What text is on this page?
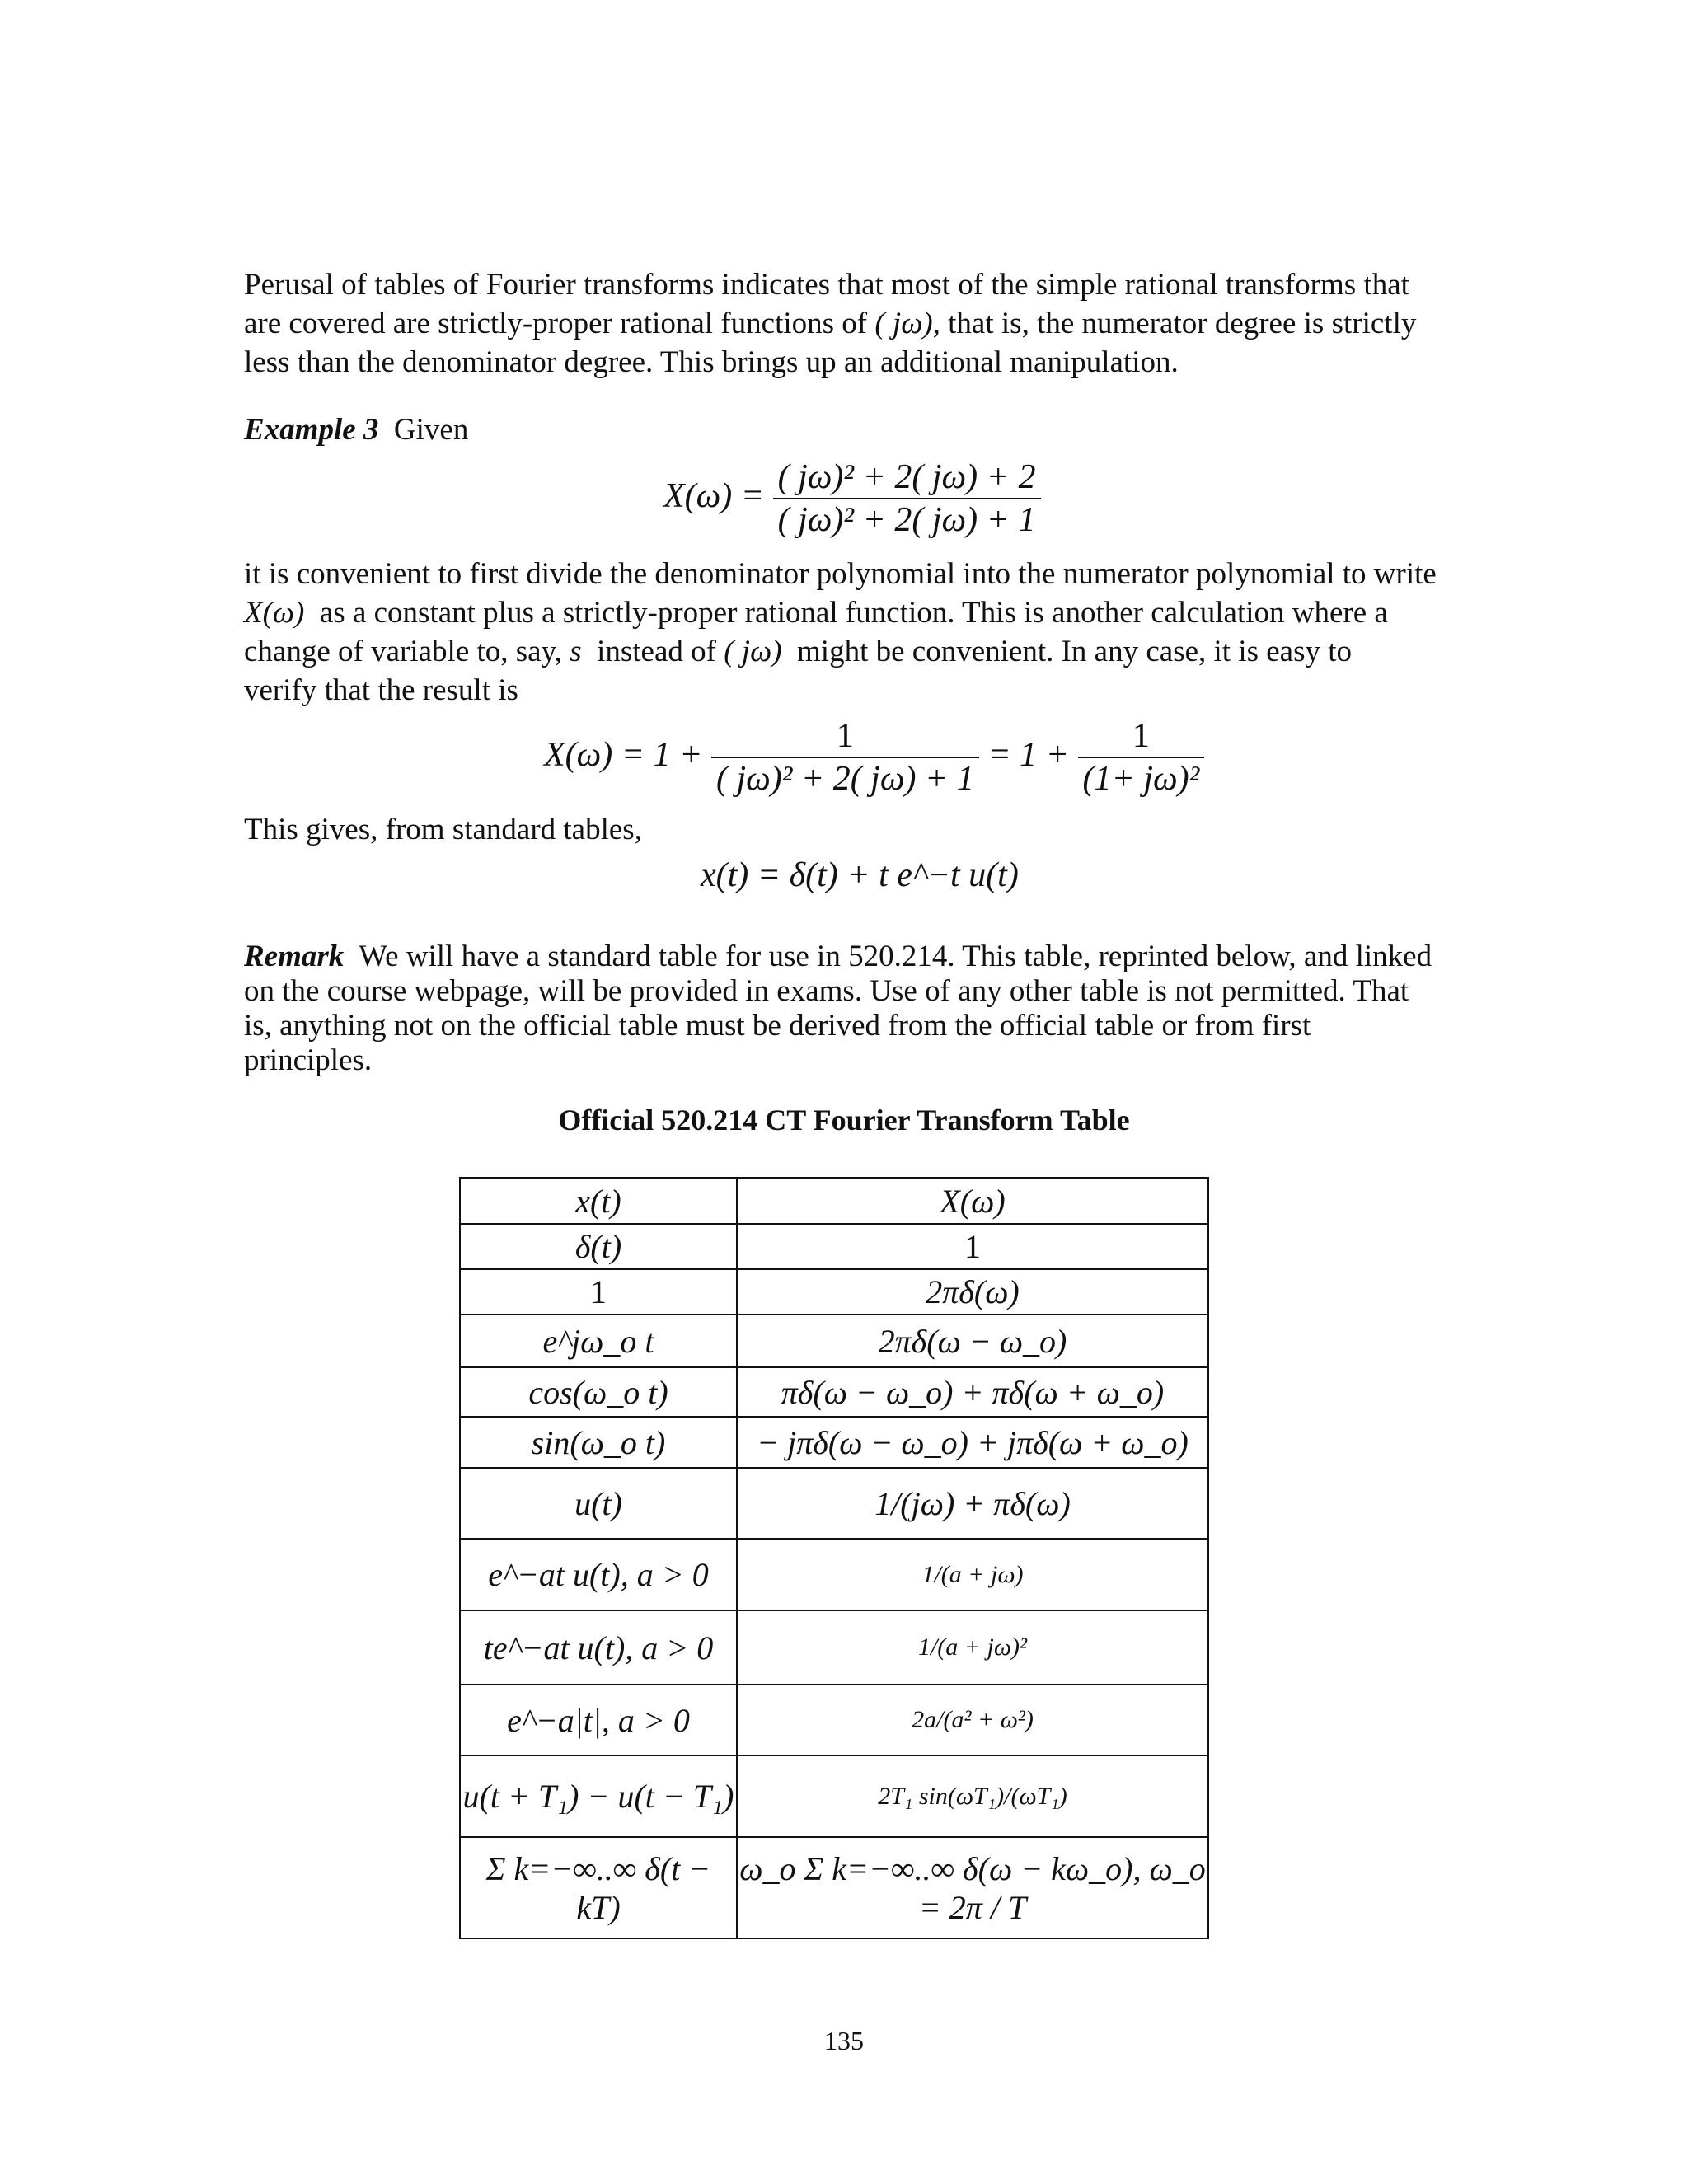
Perusal of tables of Fourier transforms indicates that most of the simple rational transforms that
are covered are strictly-proper rational functions of ( jω), that is, the numerator degree is strictly
less than the denominator degree. This brings up an additional manipulation.
Example 3 Given
$X(\omega) = \frac{\text{( jω)² + 2( jω) + 2}}{\text{( jω)² + 2( jω) + 1}}$
it is convenient to first divide the denominator polynomial into the numerator polynomial to write
X(ω) as a constant plus a strictly-proper rational function. This is another calculation where a
change of variable to, say, s instead of ( jω) might be convenient. In any case, it is easy to
verify that the result is
$X(\omega) = 1 + \frac{1}{\text{( jω)² + 2( jω) + 1}} = 1 + \frac{1}{\text{(1+ jω)²}}$
This gives, from standard tables,
x(t) = δ(t) + t e^−t u(t)
Remark We will have a standard table for use in 520.214. This table, reprinted below, and linked
on the course webpage, will be provided in exams. Use of any other table is not permitted. That
is, anything not on the official table must be derived from the official table or from first
principles.
Official 520.214 CT Fourier Transform Table
x(t)	X(ω)
δ(t)	1
1	2πδ(ω)
e^jω_o t	2πδ(ω − ω_o)
cos(ω_o t)	πδ(ω − ω_o) + πδ(ω + ω_o)
sin(ω_o t)	− jπδ(ω − ω_o) + jπδ(ω + ω_o)
u(t)	1/(jω) + πδ(ω)
e^−at u(t), a > 0	1/(a + jω)
te^−at u(t), a > 0	1/(a + jω)²
e^−a|t|, a > 0	2a/(a² + ω²)
u(t + T₁) − u(t − T₁)	2T₁ sin(ωT₁)/(ωT₁)
Σ k=−∞..∞ δ(t − kT)	ω_o Σ k=−∞..∞ δ(ω − kω_o), ω_o = 2π / T
135
